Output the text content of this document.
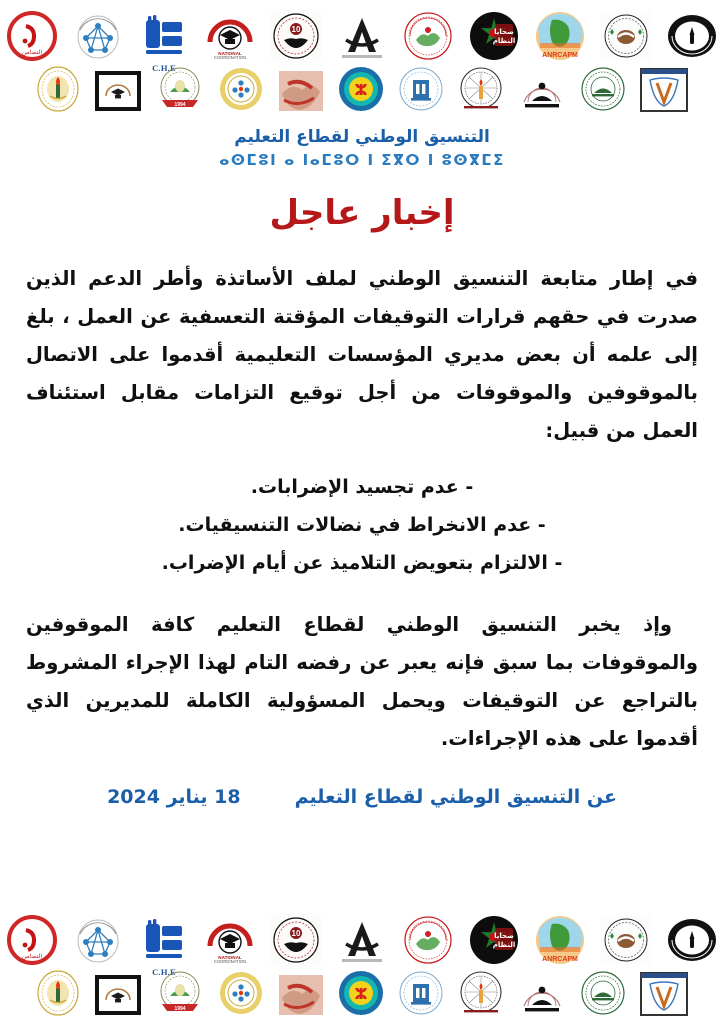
ANRCAPM
ضحايا
النظام
10
NATIONAL
COORDINATION
C.H.E
التضامن
ⵣ
1994
التنسيق الوطني لقطاع التعليم
ⴰⵙⵎⵓⵏ ⴰ ⵏⴰⵎⵓⵔ ⵏ ⵉⴳⵔ ⵏ ⵓⵙⴳⵎⵉ
إخبار عاجل

في إطار متابعة التنسيق الوطني لملف الأساتذة وأطر الدعم الذين صدرت في حقهم قرارات التوقيفات المؤقتة التعسفية عن العمل ، بلغ إلى علمه أن بعض مديري المؤسسات التعليمية أقدموا على الاتصال بالموقوفين والموقوفات من أجل توقيع التزامات مقابل استئناف العمل من قبيل:

- عدم تجسيد الإضرابات.
- عدم الانخراط في نضالات التنسيقيات.
- الالتزام بتعويض التلاميذ عن أيام الإضراب.

وإذ يخبر التنسيق الوطني لقطاع التعليم كافة الموقوفين والموقوفات بما سبق فإنه يعبر عن رفضه التام لهذا الإجراء المشروط بالتراجع عن التوقيفات ويحمل المسؤولية الكاملة للمديرين الذي أقدموا على هذه الإجراءات.

عن التنسيق الوطني لقطاع التعليم
18 يناير 2024
ANRCAPM
ضحايا
النظام
10
NATIONAL
COORDINATION
C.H.E
التضامن
ⵣ
1994
